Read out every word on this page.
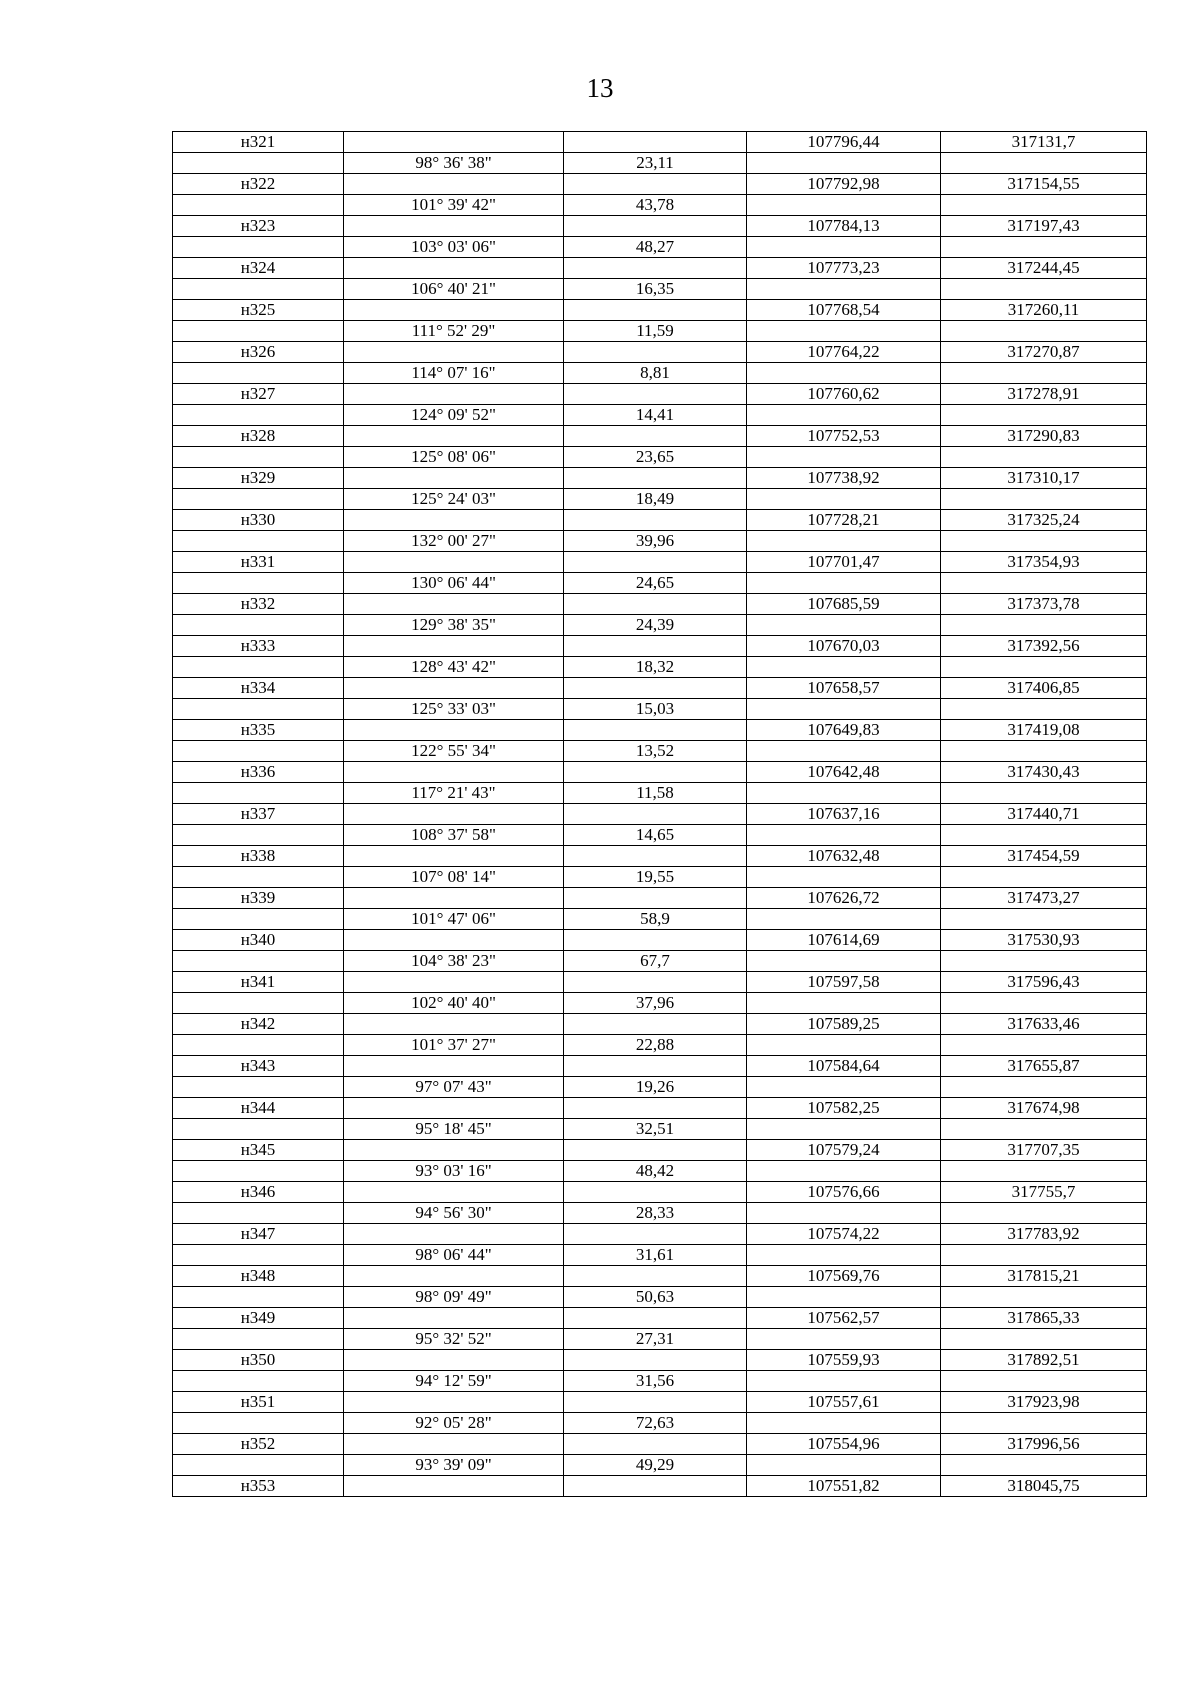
13
н321			107796,44	317131,7
	98° 36' 38"	23,11		
н322			107792,98	317154,55
	101° 39' 42"	43,78		
н323			107784,13	317197,43
	103° 03' 06"	48,27		
н324			107773,23	317244,45
	106° 40' 21"	16,35		
н325			107768,54	317260,11
	111° 52' 29"	11,59		
н326			107764,22	317270,87
	114° 07' 16"	8,81		
н327			107760,62	317278,91
	124° 09' 52"	14,41		
н328			107752,53	317290,83
	125° 08' 06"	23,65		
н329			107738,92	317310,17
	125° 24' 03"	18,49		
н330			107728,21	317325,24
	132° 00' 27"	39,96		
н331			107701,47	317354,93
	130° 06' 44"	24,65		
н332			107685,59	317373,78
	129° 38' 35"	24,39		
н333			107670,03	317392,56
	128° 43' 42"	18,32		
н334			107658,57	317406,85
	125° 33' 03"	15,03		
н335			107649,83	317419,08
	122° 55' 34"	13,52		
н336			107642,48	317430,43
	117° 21' 43"	11,58		
н337			107637,16	317440,71
	108° 37' 58"	14,65		
н338			107632,48	317454,59
	107° 08' 14"	19,55		
н339			107626,72	317473,27
	101° 47' 06"	58,9		
н340			107614,69	317530,93
	104° 38' 23"	67,7		
н341			107597,58	317596,43
	102° 40' 40"	37,96		
н342			107589,25	317633,46
	101° 37' 27"	22,88		
н343			107584,64	317655,87
	97° 07' 43"	19,26		
н344			107582,25	317674,98
	95° 18' 45"	32,51		
н345			107579,24	317707,35
	93° 03' 16"	48,42		
н346			107576,66	317755,7
	94° 56' 30"	28,33		
н347			107574,22	317783,92
	98° 06' 44"	31,61		
н348			107569,76	317815,21
	98° 09' 49"	50,63		
н349			107562,57	317865,33
	95° 32' 52"	27,31		
н350			107559,93	317892,51
	94° 12' 59"	31,56		
н351			107557,61	317923,98
	92° 05' 28"	72,63		
н352			107554,96	317996,56
	93° 39' 09"	49,29		
н353			107551,82	318045,75
